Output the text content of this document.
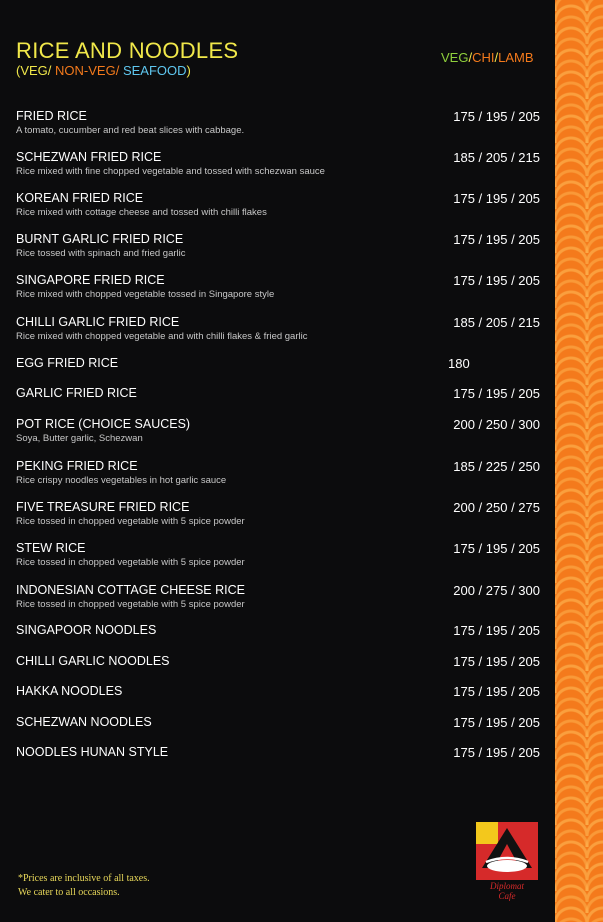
RICE AND NOODLES
(VEG/ NON-VEG/ SEAFOOD)
VEG/CHI/LAMB
FRIED RICE
A tomato, cucumber and red beat slices with cabbage.
175 / 195 / 205
SCHEZWAN FRIED RICE
Rice mixed with fine chopped vegetable and tossed with schezwan sauce
185 / 205 / 215
KOREAN FRIED RICE
Rice mixed with cottage cheese and tossed with chilli flakes
175 / 195 / 205
BURNT GARLIC FRIED RICE
Rice tossed with spinach and fried garlic
175 / 195 / 205
SINGAPORE FRIED RICE
Rice mixed with chopped vegetable tossed in Singapore style
175 / 195 / 205
CHILLI GARLIC FRIED RICE
Rice mixed with chopped vegetable and with chilli flakes & fried garlic
185 / 205 / 215
EGG FRIED RICE	180
GARLIC FRIED RICE	175 / 195 / 205
POT RICE (CHOICE SAUCES)
Soya, Butter garlic, Schezwan
200 / 250 / 300
PEKING FRIED RICE
Rice crispy noodles vegetables in hot garlic sauce
185 / 225 / 250
FIVE TREASURE FRIED RICE
Rice tossed in chopped vegetable with 5 spice powder
200 / 250 / 275
STEW RICE
Rice tossed in chopped vegetable with 5 spice powder
175 / 195 / 205
INDONESIAN COTTAGE CHEESE RICE
Rice tossed in chopped vegetable with 5 spice powder
200 / 275 / 300
SINGAPOOR NOODLES	175 / 195 / 205
CHILLI GARLIC NOODLES	175 / 195 / 205
HAKKA NOODLES	175 / 195 / 205
SCHEZWAN NOODLES	175 / 195 / 205
NOODLES HUNAN STYLE	175 / 195 / 205
*Prices are inclusive of all taxes.
We cater to all occasions.
Diplomat
Cafe
